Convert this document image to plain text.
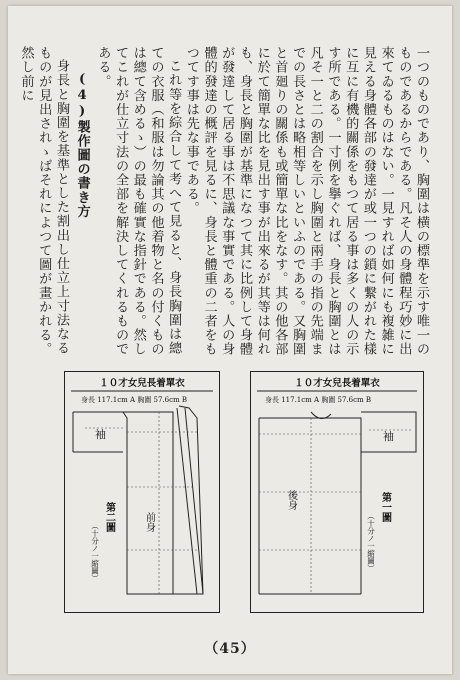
一つのものであり、胸圍は横の標準を示す唯一のものであるからである。凡そ人の身體程巧妙に出來てゐるものはない。一見すれば如何にも複雑に見える身體各部の發達が或一つの鎖に繋がれた樣に互に有機的關係をもつて居る事は多くの人の示す所である。一寸例を擧ぐれば、身長と胸圍とは凡そ一と二の割合を示し胸圍と兩手の指の先端までの長さとは略相等しいといふのである。又胸圍と首廻りの關係も或簡單な比をなす。其の他各部に於て簡單な比を見出す事が出來るが其等は何れも、身長と胸圍が基準になつて其に比例して身體が發達して居る事は不思議な事實である。人の身體的發達の概評を見るに、身長と體重の二者をもつてす事は先な事である。

これ等を綜合して考へて見ると、身長胸圍は總ての衣服（和服は勿論其の他着物と名の付くものは總て含めるゝ）の最も確實な指針である。然してこれが仕立寸法の全部を解決してくれるものである。

(4)製作圖の書き方

身長と胸圍を基準とした割出し仕立上寸法なるものが見出されゝばそれによつて圖が畫かれる。然し前に

１０才女兒長着單衣
身長 117.1cm A 胸圍 57.6cm B
袖
前身
第二圖
（十分ノ一縮圖）
１０才女兒長着單衣
身長 117.1cm A 胸圍 57.6cm B
袖
後身	第一圖
（十分ノ一縮圖）
（45）
